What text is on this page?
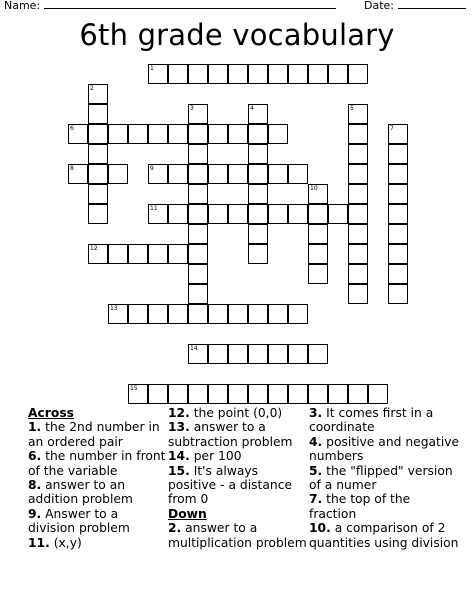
Name:	Date:
6th grade vocabulary
1
2
3	4	5
6	7
8	9
10
11
12
13
14
15
Across
1. the 2nd number in an ordered pair
6. the number in front of the variable
8. answer to an addition problem
9. Answer to a division problem
11. (x,y)
12. the point (0,0)
13. answer to a subtraction problem
14. per 100
15. It's always positive - a distance from 0
Down
2. answer to a multiplication problem
3. It comes first in a coordinate
4. positive and negative numbers
5. the "flipped" version of a numer
7. the top of the fraction
10. a comparison of 2 quantities using division
